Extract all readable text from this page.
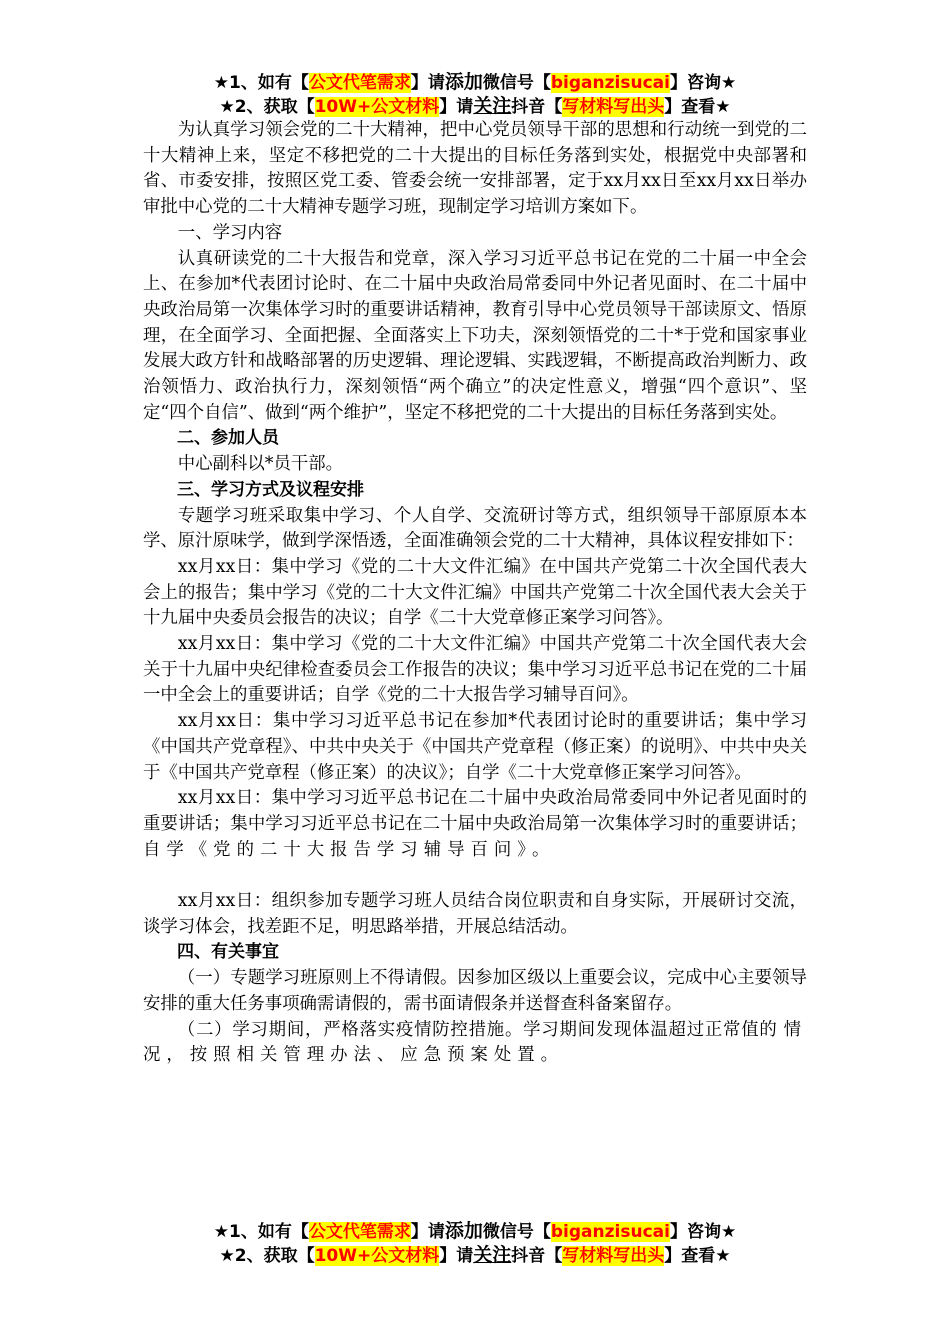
★1、如有【公文代笔需求】请添加微信号【biganzisucai】咨询★
★2、获取【10W+公文材料】请关注抖音【写材料写出头】查看★

为认真学习领会党的二十大精神，把中心党员领导干部的思想和行动统一到党的二十大精神上来，坚定不移把党的二十大提出的目标任务落到实处，根据党中央部署和省、市委安排，按照区党工委、管委会统一安排部署，定于xx月xx日至xx月xx日举办审批中心党的二十大精神专题学习班，现制定学习培训方案如下。

一、学习内容

认真研读党的二十大报告和党章，深入学习习近平总书记在党的二十届一中全会上、在参加*代表团讨论时、在二十届中央政治局常委同中外记者见面时、在二十届中央政治局第一次集体学习时的重要讲话精神，教育引导中心党员领导干部读原文、悟原理，在全面学习、全面把握、全面落实上下功夫，深刻领悟党的二十*于党和国家事业发展大政方针和战略部署的历史逻辑、理论逻辑、实践逻辑，不断提高政治判断力、政治领悟力、政治执行力，深刻领悟“两个确立”的决定性意义，增强“四个意识”、坚定“四个自信”、做到“两个维护”，坚定不移把党的二十大提出的目标任务落到实处。

二、参加人员

中心副科以*员干部。

三、学习方式及议程安排

专题学习班采取集中学习、个人自学、交流研讨等方式，组织领导干部原原本本学、原汁原味学，做到学深悟透，全面准确领会党的二十大精神，具体议程安排如下：

xx月xx日：集中学习《党的二十大文件汇编》在中国共产党第二十次全国代表大会上的报告；集中学习《党的二十大文件汇编》中国共产党第二十次全国代表大会关于十九届中央委员会报告的决议；自学《二十大党章修正案学习问答》。

xx月xx日：集中学习《党的二十大文件汇编》中国共产党第二十次全国代表大会关于十九届中央纪律检查委员会工作报告的决议；集中学习习近平总书记在党的二十届一中全会上的重要讲话；自学《党的二十大报告学习辅导百问》。

xx月xx日：集中学习习近平总书记在参加*代表团讨论时的重要讲话；集中学习《中国共产党章程》、中共中央关于《中国共产党章程（修正案）的说明》、中共中央关于《中国共产党章程（修正案）的决议》；自学《二十大党章修正案学习问答》。

xx月xx日：集中学习习近平总书记在二十届中央政治局常委同中外记者见面时的重要讲话；集中学习习近平总书记在二十届中央政治局第一次集体学习时的重要讲话；自学《党的二十大报告学习辅导百问》。

xx月xx日：组织参加专题学习班人员结合岗位职责和自身实际，开展研讨交流，谈学习体会，找差距不足，明思路举措，开展总结活动。

四、有关事宜

（一）专题学习班原则上不得请假。因参加区级以上重要会议，完成中心主要领导安排的重大任务事项确需请假的，需书面请假条并送督查科备案留存。

（二）学习期间，严格落实疫情防控措施。学习期间发现体温超过正常值的情况，按照相关管理办法、应急预案处置。

★1、如有【公文代笔需求】请添加微信号【biganzisucai】咨询★
★2、获取【10W+公文材料】请关注抖音【写材料写出头】查看★
